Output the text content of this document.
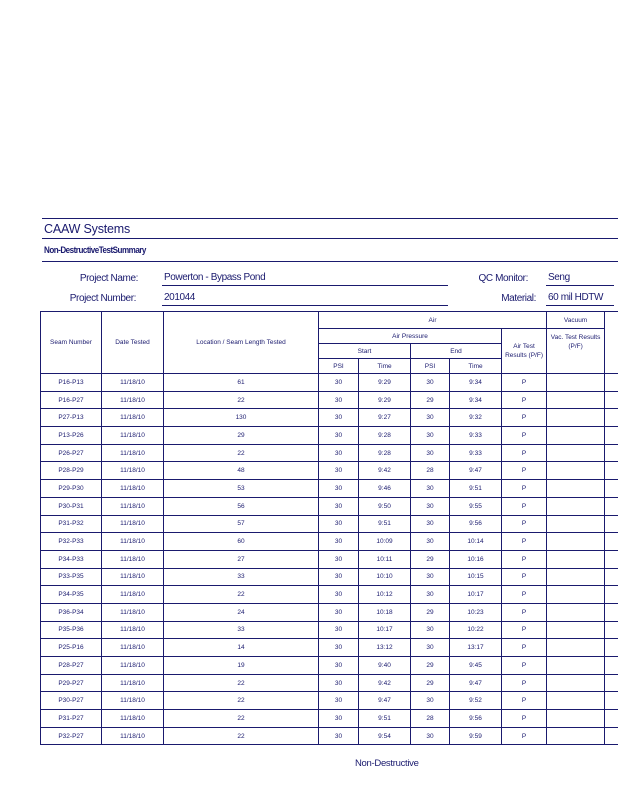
CAAW Systems
Non-DestructiveTestSummary
Project Name:	Powerton - Bypass Pond	QC Monitor: Seng
Project Number:	201044	Material: 60 mil HDTW
Seam Number	Date Tested	Location / Seam Length Tested	Air					Vacuum	
			Air Pressure				Air Test Results (P/F)	Vac. Test Results (P/F)	
			Start		End				
			PSI	Time	PSI	Time			
P16-P13	11/18/10	61	30	9:29	30	9:34	P		
P16-P27	11/18/10	22	30	9:29	29	9:34	P		
P27-P13	11/18/10	130	30	9:27	30	9:32	P		
P13-P26	11/18/10	29	30	9:28	30	9:33	P		
P26-P27	11/18/10	22	30	9:28	30	9:33	P		
P28-P29	11/18/10	48	30	9:42	28	9:47	P		
P29-P30	11/18/10	53	30	9:46	30	9:51	P		
P30-P31	11/18/10	56	30	9:50	30	9:55	P		
P31-P32	11/18/10	57	30	9:51	30	9:56	P		
P32-P33	11/18/10	60	30	10:09	30	10:14	P		
P34-P33	11/18/10	27	30	10:11	29	10:16	P		
P33-P35	11/18/10	33	30	10:10	30	10:15	P		
P34-P35	11/18/10	22	30	10:12	30	10:17	P		
P36-P34	11/18/10	24	30	10:18	29	10:23	P		
P35-P36	11/18/10	33	30	10:17	30	10:22	P		
P25-P16	11/18/10	14	30	13:12	30	13:17	P		
P28-P27	11/18/10	19	30	9:40	29	9:45	P		
P29-P27	11/18/10	22	30	9:42	29	9:47	P		
P30-P27	11/18/10	22	30	9:47	30	9:52	P		
P31-P27	11/18/10	22	30	9:51	28	9:56	P		
P32-P27	11/18/10	22	30	9:54	30	9:59	P		
Non-Destructive
